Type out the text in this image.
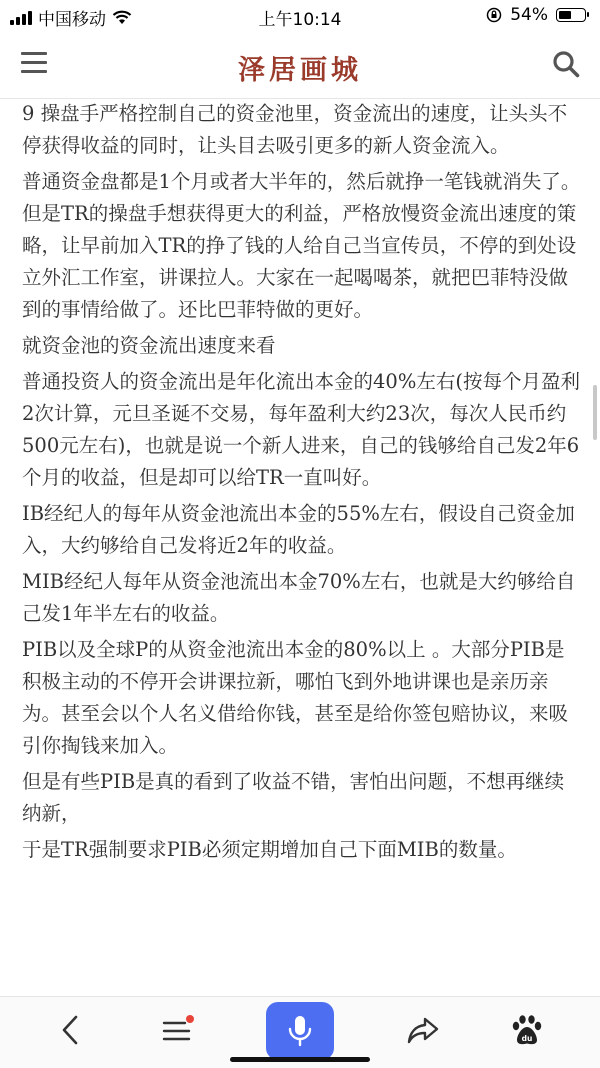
中国移动	上午10:14	54%
泽居画城

9 操盘手严格控制自己的资金池里，资金流出的速度，让头头不停获得收益的同时，让头目去吸引更多的新人资金流入。

普通资金盘都是1个月或者大半年的，然后就挣一笔钱就消失了。但是TR的操盘手想获得更大的利益，严格放慢资金流出速度的策略，让早前加入TR的挣了钱的人给自己当宣传员，不停的到处设立外汇工作室，讲课拉人。大家在一起喝喝茶，就把巴菲特没做到的事情给做了。还比巴菲特做的更好。

就资金池的资金流出速度来看

普通投资人的资金流出是年化流出本金的40%左右(按每个月盈利2次计算，元旦圣诞不交易，每年盈利大约23次，每次人民币约500元左右)，也就是说一个新人进来，自己的钱够给自己发2年6个月的收益，但是却可以给TR一直叫好。

IB经纪人的每年从资金池流出本金的55%左右，假设自己资金加入，大约够给自己发将近2年的收益。

MIB经纪人每年从资金池流出本金70%左右，也就是大约够给自己发1年半左右的收益。

PIB以及全球P的从资金池流出本金的80%以上 。大部分PIB是积极主动的不停开会讲课拉新，哪怕飞到外地讲课也是亲历亲为。甚至会以个人名义借给你钱，甚至是给你签包赔协议，来吸引你掏钱来加入。

但是有些PIB是真的看到了收益不错，害怕出问题，不想再继续纳新，

于是TR强制要求PIB必须定期增加自己下面MIB的数量。

du
